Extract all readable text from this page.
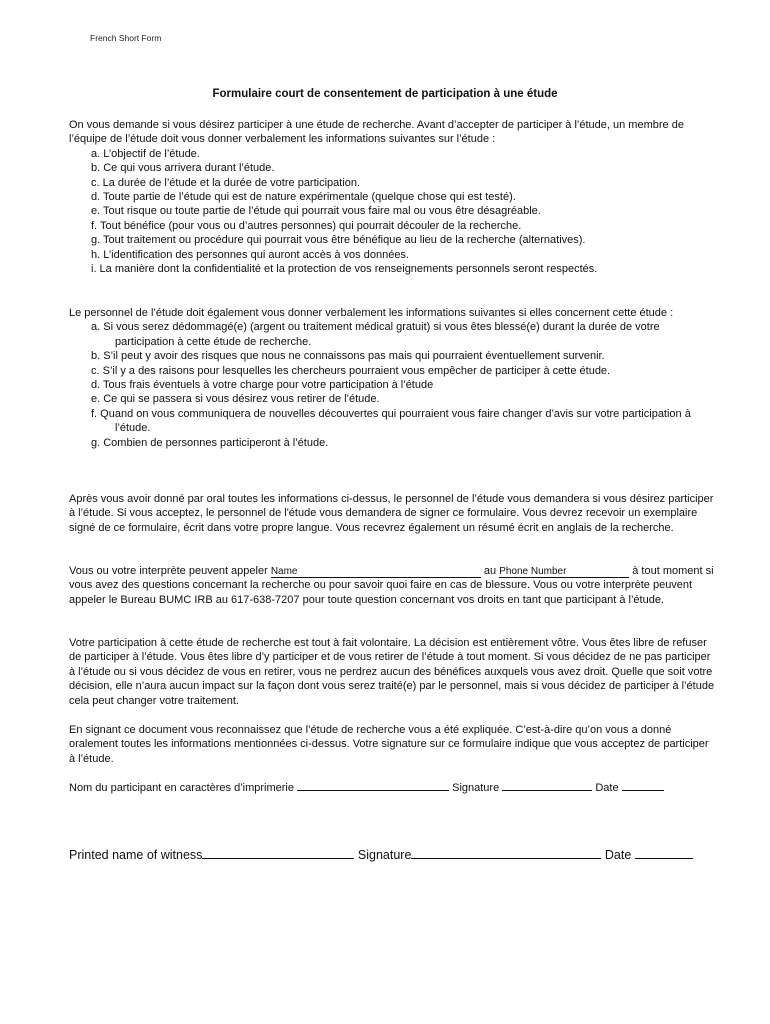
French Short Form
Formulaire court de consentement de participation à une étude

On vous demande si vous désirez participer à une étude de recherche. Avant d’accepter de participer à l’étude, un membre de l’équipe de l’étude doit vous donner verbalement les informations suivantes sur l’étude :

a. L’objectif de l’étude.
b. Ce qui vous arrivera durant l’étude.
c. La durée de l’étude et la durée de votre participation.
d. Toute partie de l’étude qui est de nature expérimentale (quelque chose qui est testé).
e. Tout risque ou toute partie de l’étude qui pourrait vous faire mal ou vous être désagréable.
f. Tout bénéfice (pour vous ou d’autres personnes) qui pourrait découler de la recherche.
g. Tout traitement ou procédure qui pourrait vous être bénéfique au lieu de la recherche (alternatives).
h. L’identification des personnes qui auront accès à vos données.
i. La manière dont la confidentialité et la protection de vos renseignements personnels seront respectés.

Le personnel de l’étude doit également vous donner verbalement les informations suivantes si elles concernent cette étude :

a. Si vous serez dédommagé(e) (argent ou traitement médical gratuit) si vous êtes blessé(e) durant la durée de votre participation à cette étude de recherche.
b. S’il peut y avoir des risques que nous ne connaissons pas mais qui pourraient éventuellement survenir.
c. S’il y a des raisons pour lesquelles les chercheurs pourraient vous empêcher de participer à cette étude.
d. Tous frais éventuels à votre charge pour votre participation à l’étude
e. Ce qui se passera si vous désirez vous retirer de l’étude.
f. Quand on vous communiquera de nouvelles découvertes qui pourraient vous faire changer d’avis sur votre participation à l’étude.
g. Combien de personnes participeront à l’étude.

Après vous avoir donné par oral toutes les informations ci-dessus, le personnel de l’étude vous demandera si vous désirez participer à l’étude. Si vous acceptez, le personnel de l'étude vous demandera de signer ce formulaire. Vous devrez recevoir un exemplaire signé de ce formulaire, écrit dans votre propre langue. Vous recevrez également un résumé écrit en anglais de la recherche.

Vous ou votre interprète peuvent appeler Name	au Phone Number	à tout moment si vous avez des questions concernant la recherche ou pour savoir quoi faire en cas de blessure. Vous ou votre interprète peuvent appeler le Bureau BUMC IRB au 617-638-7207 pour toute question concernant vos droits en tant que participant à l’étude.

Votre participation à cette étude de recherche est tout à fait volontaire. La décision est entièrement vôtre. Vous êtes libre de refuser de participer à l’étude. Vous êtes libre d’y participer et de vous retirer de l’étude à tout moment. Si vous décidez de ne pas participer à l’étude ou si vous décidez de vous en retirer, vous ne perdrez aucun des bénéfices auxquels vous avez droit. Quelle que soit votre décision, elle n’aura aucun impact sur la façon dont vous serez traité(e) par le personnel, mais si vous décidez de participer à l’étude cela peut changer votre traitement.

En signant ce document vous reconnaissez que l’étude de recherche vous a été expliquée. C’est-à-dire qu’on vous a donné oralement toutes les informations mentionnées ci-dessus. Votre signature sur ce formulaire indique que vous acceptez de participer à l’étude.

Nom du participant en caractères d’imprimerie	Signature	Date
Printed name of witness	Signature	Date
